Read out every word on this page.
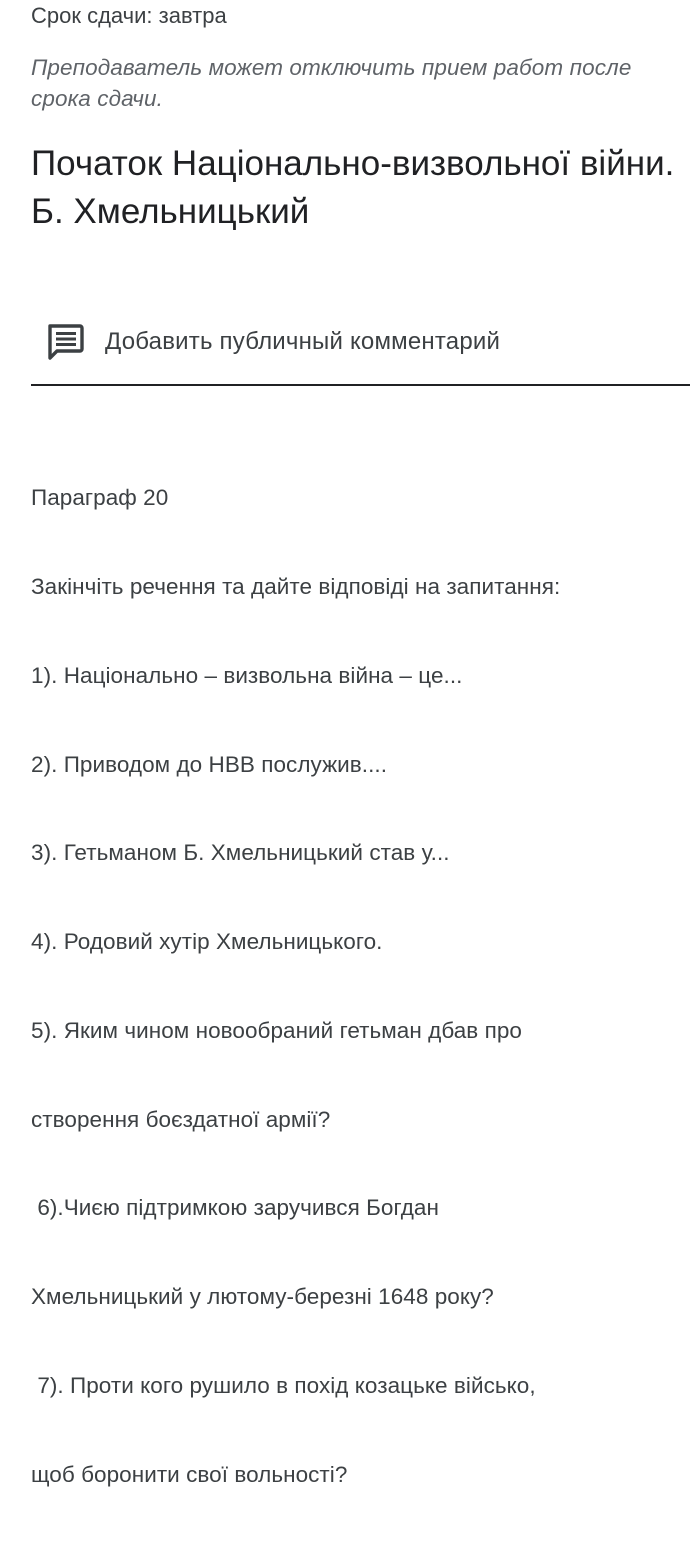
Срок сдачи: завтра
Преподаватель может отключить прием работ после срока сдачи.
Початок Національно-визвольної війни. Б. Хмельницький
Добавить публичный комментарий

Параграф 20

Закінчіть речення та дайте відповіді на запитання:

1). Національно – визвольна війна – це...

2). Приводом до НВВ послужив....

3). Гетьманом Б. Хмельницький став у...

4). Родовий хутір Хмельницького.

5). Яким чином новообраний гетьман дбав про

створення боєздатної армії?

6).Чиєю підтримкою заручився Богдан

Хмельницький у лютому-березні 1648 року?

7). Проти кого рушило в похід козацьке військо,

щоб боронити свої вольності?
